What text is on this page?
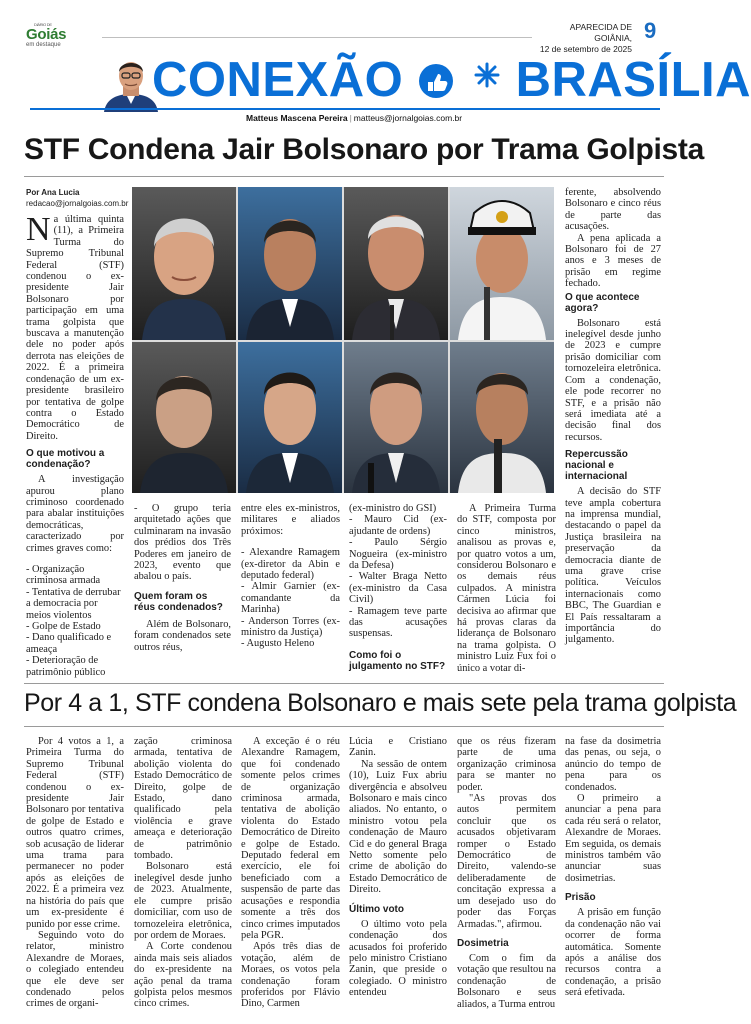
DIÁRIO DE
Goiás
em destaque
APARECIDA DE GOIÂNIA,
12 de setembro de 2025
9
CONEXÃO BRASÍLIA
Matteus Mascena Pereira | matteus@jornalgoias.com.br
STF Condena Jair Bolsonaro por Trama Golpista
Por Ana Lucia
redacao@jornalgoias.com.br

Na última quinta (11), a Primeira Turma do Supremo Tribunal Federal (STF) condenou o ex-presidente Jair Bolsonaro por participação em uma trama golpista que buscava a manutenção dele no poder após derrota nas eleições de 2022. É a primeira condenação de um ex-presidente brasileiro por tentativa de golpe contra o Estado Democrático de Direito.

O que motivou a condenação?

A investigação apurou plano criminoso coordenado para abalar instituições democráticas, caracterizado por crimes graves como:

- Organização criminosa armada
- Tentativa de derrubar a democracia por meios violentos
- Golpe de Estado
- Dano qualificado e ameaça
- Deterioração de patrimônio público

- O grupo teria arquitetado ações que culminaram na invasão dos prédios dos Três Poderes em janeiro de 2023, evento que abalou o país.

Quem foram os réus condenados?

Além de Bolsonaro, foram condenados sete outros réus,

entre eles ex-ministros, militares e aliados próximos:

- Alexandre Ramagem (ex-diretor da Abin e deputado federal)
- Almir Garnier (ex-comandante da Marinha)
- Anderson Torres (ex-ministro da Justiça)
- Augusto Heleno

(ex-ministro do GSI)
- Mauro Cid (ex-ajudante de ordens)
- Paulo Sérgio Nogueira (ex-ministro da Defesa)
- Walter Braga Netto (ex-ministro da Casa Civil)
- Ramagem teve parte das acusações suspensas.

Como foi o julgamento no STF?

A Primeira Turma do STF, composta por cinco ministros, analisou as provas e, por quatro votos a um, considerou Bolsonaro e os demais réus culpados. A ministra Cármen Lúcia foi decisiva ao afirmar que há provas claras da liderança de Bolsonaro na trama golpista. O ministro Luiz Fux foi o único a votar di-

ferente, absolvendo Bolsonaro e cinco réus de parte das acusações.

A pena aplicada a Bolsonaro foi de 27 anos e 3 meses de prisão em regime fechado.

O que acontece agora?

Bolsonaro está inelegível desde junho de 2023 e cumpre prisão domiciliar com tornozeleira eletrônica. Com a condenação, ele pode recorrer no STF, e a prisão não será imediata até a decisão final dos recursos.

Repercussão nacional e internacional

A decisão do STF teve ampla cobertura na imprensa mundial, destacando o papel da Justiça brasileira na preservação da democracia diante de uma grave crise política. Veículos internacionais como BBC, The Guardian e El País ressaltaram a importância do julgamento.

Por 4 a 1, STF condena Bolsonaro e mais sete pela trama golpista

Por 4 votos a 1, a Primeira Turma do Supremo Tribunal Federal (STF) condenou o ex-presidente Jair Bolsonaro por tentativa de golpe de Estado e outros quatro crimes, sob acusação de liderar uma trama para permanecer no poder após as eleições de 2022. É a primeira vez na história do país que um ex-presidente é punido por esse crime.

Seguindo voto do relator, ministro Alexandre de Moraes, o colegiado entendeu que ele deve ser condenado pelos crimes de organi-

zação criminosa armada, tentativa de abolição violenta do Estado Democrático de Direito, golpe de Estado, dano qualificado pela violência e grave ameaça e deterioração de patrimônio tombado.

Bolsonaro está inelegível desde junho de 2023. Atualmente, ele cumpre prisão domiciliar, com uso de tornozeleira eletrônica, por ordem de Moraes.

A Corte condenou ainda mais seis aliados do ex-presidente na ação penal da trama golpista pelos mesmos cinco crimes.

A exceção é o réu Alexandre Ramagem, que foi condenado somente pelos crimes de organização criminosa armada, tentativa de abolição violenta do Estado Democrático de Direito e golpe de Estado. Deputado federal em exercício, ele foi beneficiado com a suspensão de parte das acusações e respondia somente a três dos cinco crimes imputados pela PGR.

Após três dias de votação, além de Moraes, os votos pela condenação foram proferidos por Flávio Dino, Carmen

Lúcia e Cristiano Zanin.

Na sessão de ontem (10), Luiz Fux abriu divergência e absolveu Bolsonaro e mais cinco aliados. No entanto, o ministro votou pela condenação de Mauro Cid e do general Braga Netto somente pelo crime de abolição do Estado Democrático de Direito.

Último voto

O último voto pela condenação dos acusados foi proferido pelo ministro Cristiano Zanin, que preside o colegiado. O ministro entendeu

que os réus fizeram parte de uma organização criminosa para se manter no poder.

"As provas dos autos permitem concluir que os acusados objetivaram romper o Estado Democrático de Direito, valendo-se deliberadamente de concitação expressa a um desejado uso do poder das Forças Armadas.", afirmou.

Dosimetria

Com o fim da votação que resultou na condenação de Bolsonaro e seus aliados, a Turma entrou

na fase da dosimetria das penas, ou seja, o anúncio do tempo de pena para os condenados.

O primeiro a anunciar a pena para cada réu será o relator, Alexandre de Moraes. Em seguida, os demais ministros também vão anunciar suas dosimetrias.

Prisão

A prisão em função da condenação não vai ocorrer de forma automática. Somente após a análise dos recursos contra a condenação, a prisão será efetivada.
